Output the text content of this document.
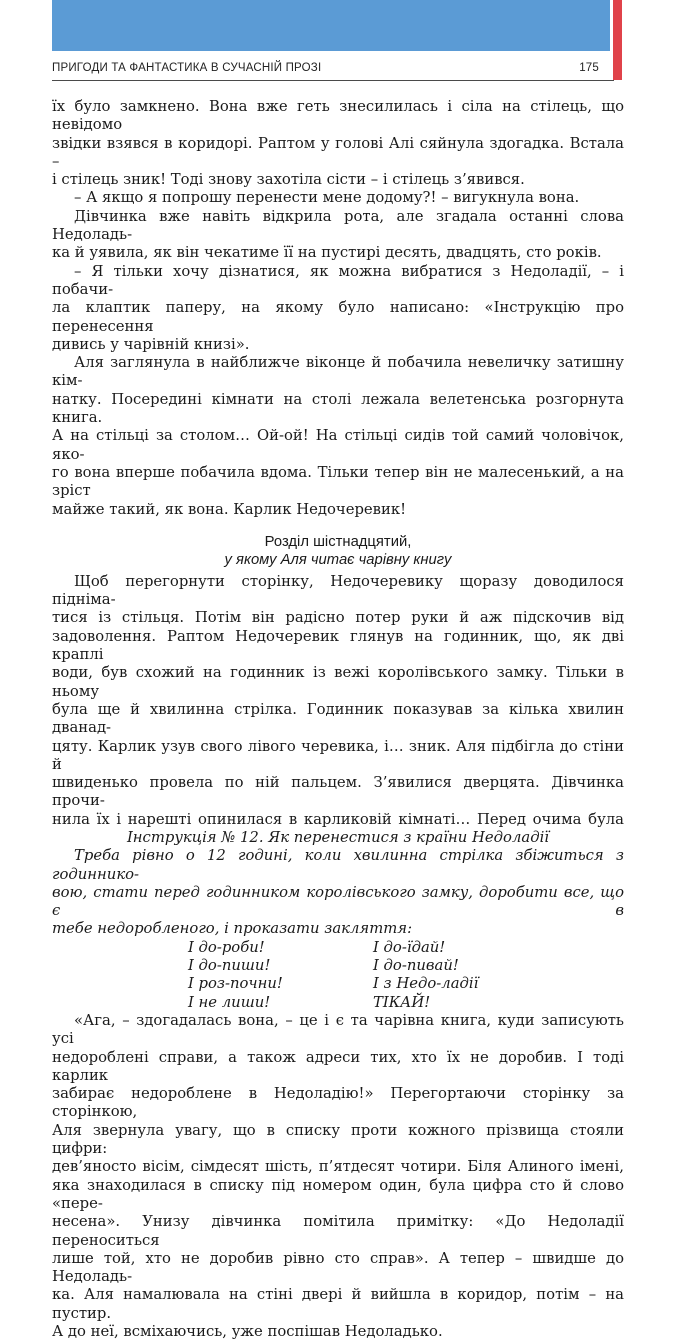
ПРИГОДИ ТА ФАНТАСТИКА В СУЧАСНІЙ ПРОЗІ	175

їх було замкнено. Вона вже геть знесилилась і сіла на стілець, що невідомо

звідки взявся в коридорі. Раптом у голові Алі сяйнула здогадка. Встала –

і стілець зник! Тоді знову захотіла сісти – і стілець з’явився.

– А якщо я попрошу перенести мене додому?! – вигукнула вона.

Дівчинка вже навіть відкрила рота, але згадала останні слова Недоладь-

ка й уявила, як він чекатиме її на пустирі десять, двадцять, сто років.

– Я тільки хочу дізнатися, як можна вибратися з Недоладії, – і побачи-

ла клаптик паперу, на якому було написано: «Інструкцію про перенесення

дивись у чарівній книзі».

Аля заглянула в найближче віконце й побачила невеличку затишну кім-

натку. Посередині кімнати на столі лежала велетенська розгорнута книга.

А на стільці за столом… Ой-ой! На стільці сидів той самий чоловічок, яко-

го вона вперше побачила вдома. Тільки тепер він не малесенький, а на зріст

майже такий, як вона. Карлик Недочеревик!

Розділ шістнадцятий,
у якому Аля читає чарівну книгу

Щоб перегорнути сторінку, Недочеревику щоразу доводилося підніма-

тися із стільця. Потім він радісно потер руки й аж підскочив від

задоволення. Раптом Недочеревик глянув на годинник, що, як дві краплі

води, був схожий на годинник із вежі королівського замку. Тільки в ньому

була ще й хвилинна стрілка. Годинник показував за кілька хвилин дванад-

цяту. Карлик узув свого лівого черевика, і… зник. Аля підбігла до стіни й

швиденько провела по ній пальцем. З’явилися дверцята. Дівчинка прочи-

нила їх і нарешті опинилася в карликовій кімнаті… Перед очима була

Інструкція № 12. Як перенестися з країни Недоладії

Треба рівно о 12 годині, коли хвилинна стрілка збіжиться з годиннико-

вою, стати перед годинником королівського замку, доробити все, що є в

тебе недоробленого, і проказати закляття:

І до-роби!	І до-їдай!
І до-пиши!	І до-пивай!
І роз-почни!	І з Недо-ладії
І не лиши!	ТІКАЙ!

«Ага, – здогадалась вона, – це і є та чарівна книга, куди записують усі

недороблені справи, а також адреси тих, хто їх не доробив. І тоді карлик

забирає недороблене в Недоладію!» Перегортаючи сторінку за сторінкою,

Аля звернула увагу, що в списку проти кожного прізвища стояли цифри:

дев’яносто вісім, сімдесят шість, п’ятдесят чотири. Біля Алиного імені,

яка знаходилася в списку під номером один, була цифра сто й слово «пере-

несена». Унизу дівчинка помітила примітку: «До Недоладії переноситься

лише той, хто не доробив рівно сто справ». А тепер – швидше до Недоладь-

ка. Аля намалювала на стіні двері й вийшла в коридор, потім – на пустир.

А до неї, всміхаючись, уже поспішав Недоладько.
